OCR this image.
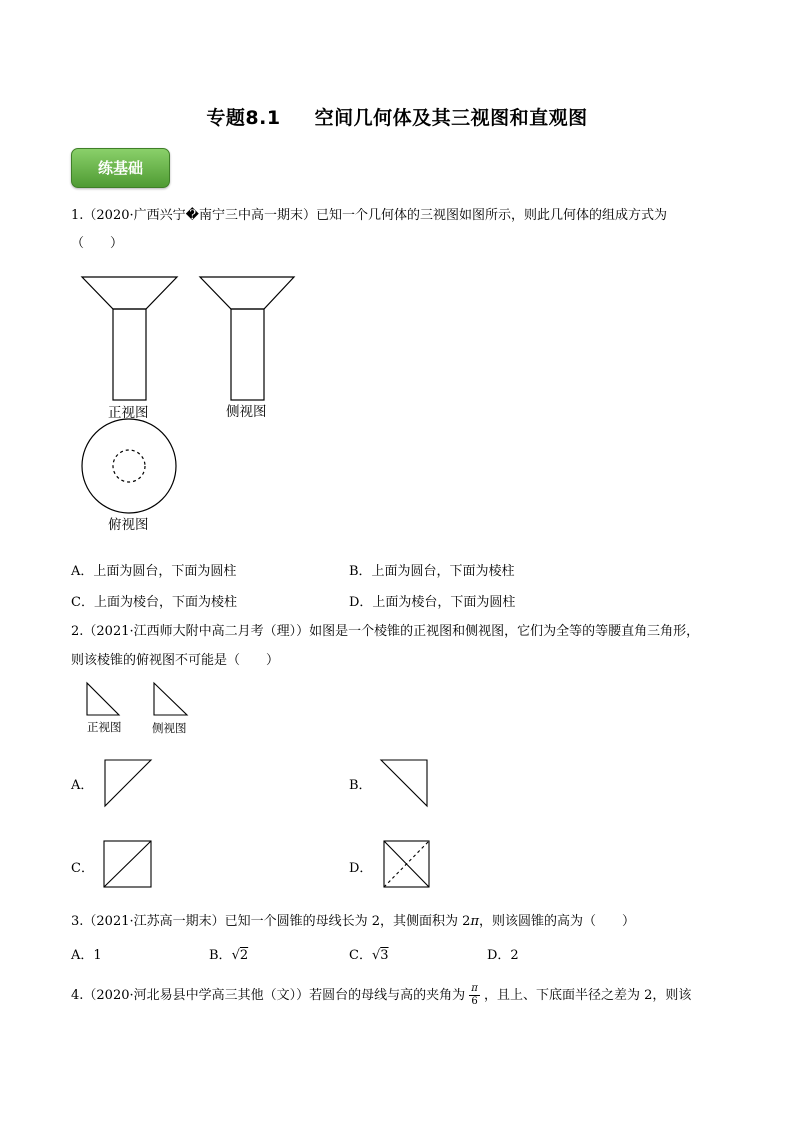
专题8.1 空间几何体及其三视图和直观图
练基础
1.（2020·广西兴宁�南宁三中高一期末）已知一个几何体的三视图如图所示，则此几何体的组成方式为
（　　）
正视图	侧视图
俯视图
A．上面为圆台，下面为圆柱	B．上面为圆台，下面为棱柱
C．上面为棱台，下面为棱柱	D．上面为棱台，下面为圆柱
2.（2021·江西师大附中高二月考（理））如图是一个棱锥的正视图和侧视图，它们为全等的等腰直角三角形，
则该棱锥的俯视图不可能是（　　）
正视图	侧视图
A．	B．
C．	D．
3.（2021·江苏高一期末）已知一个圆锥的母线长为 2，其侧面积为 2π，则该圆锥的高为（　　）
A．1	B．√2	C．√3	D．2
4.（2020·河北易县中学高三其他（文））若圆台的母线与高的夹角为 $\frac{\pi}{6}$ ，且上、下底面半径之差为 2，则该
